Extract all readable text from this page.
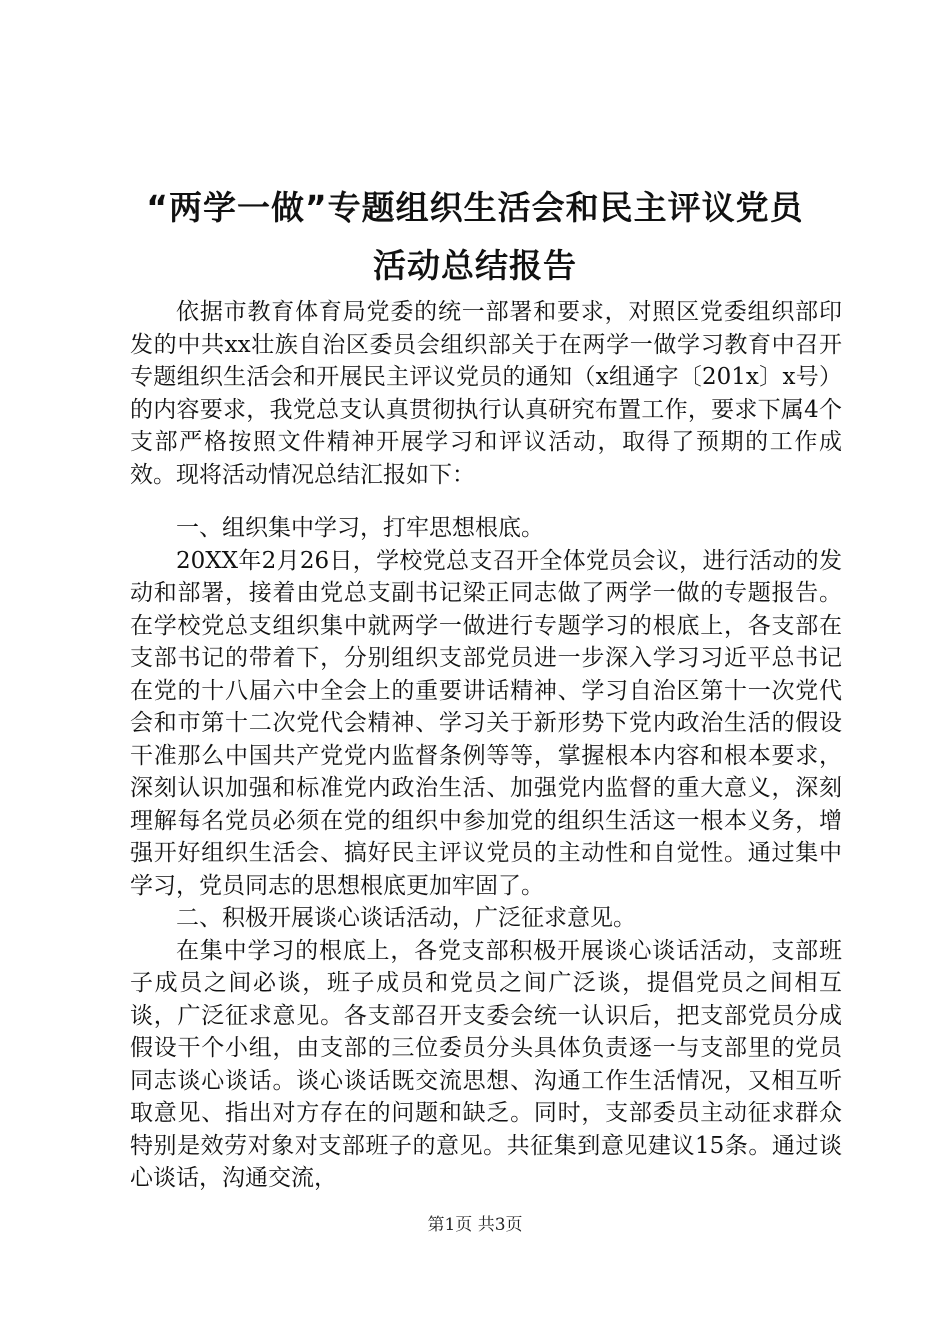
“两学一做”专题组织生活会和民主评议党员
活动总结报告

依据市教育体育局党委的统一部署和要求，对照区党委组织部印发的中共xx壮族自治区委员会组织部关于在两学一做学习教育中召开专题组织生活会和开展民主评议党员的通知（x组通字〔201x〕x号）的内容要求，我党总支认真贯彻执行认真研究布置工作，要求下属4个支部严格按照文件精神开展学习和评议活动，取得了预期的工作成效。现将活动情况总结汇报如下：

一、组织集中学习，打牢思想根底。

20XX年2月26日，学校党总支召开全体党员会议，进行活动的发动和部署，接着由党总支副书记梁正同志做了两学一做的专题报告。在学校党总支组织集中就两学一做进行专题学习的根底上，各支部在支部书记的带着下，分别组织支部党员进一步深入学习习近平总书记在党的十八届六中全会上的重要讲话精神、学习自治区第十一次党代会和市第十二次党代会精神、学习关于新形势下党内政治生活的假设干准那么中国共产党党内监督条例等等，掌握根本内容和根本要求，深刻认识加强和标准党内政治生活、加强党内监督的重大意义，深刻理解每名党员必须在党的组织中参加党的组织生活这一根本义务，增强开好组织生活会、搞好民主评议党员的主动性和自觉性。通过集中学习，党员同志的思想根底更加牢固了。

二、积极开展谈心谈话活动，广泛征求意见。

在集中学习的根底上，各党支部积极开展谈心谈话活动，支部班子成员之间必谈，班子成员和党员之间广泛谈，提倡党员之间相互谈，广泛征求意见。各支部召开支委会统一认识后，把支部党员分成假设干个小组，由支部的三位委员分头具体负责逐一与支部里的党员同志谈心谈话。谈心谈话既交流思想、沟通工作生活情况，又相互听取意见、指出对方存在的问题和缺乏。同时，支部委员主动征求群众特别是效劳对象对支部班子的意见。共征集到意见建议15条。通过谈心谈话，沟通交流，

第1页 共3页
